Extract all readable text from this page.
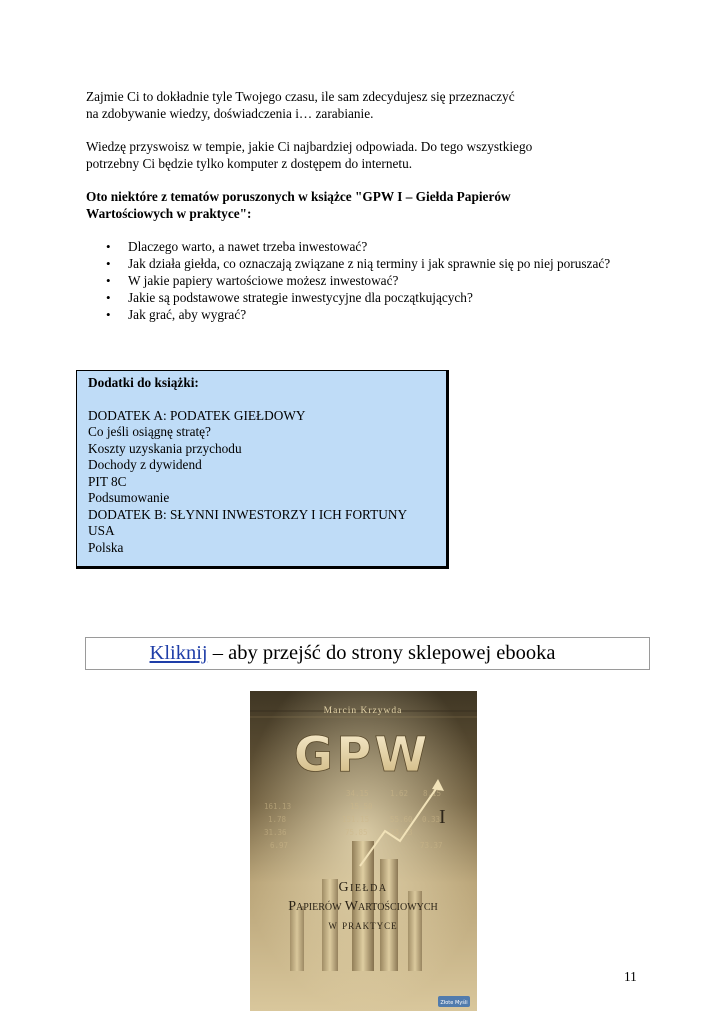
Zajmie Ci to dokładnie tyle Twojego czasu, ile sam zdecydujesz się przeznaczyć
na zdobywanie wiedzy, doświadczenia i… zarabianie.

Wiedzę przyswoisz w tempie, jakie Ci najbardziej odpowiada. Do tego wszystkiego
potrzebny Ci będzie tylko komputer z dostępem do internetu.

Oto niektóre z tematów poruszonych w książce "GPW I – Giełda Papierów
Wartościowych w praktyce":

• Dlaczego warto, a nawet trzeba inwestować?
• Jak działa giełda, co oznaczają związane z nią terminy i jak sprawnie się po niej poruszać?
• W jakie papiery wartościowe możesz inwestować?
• Jakie są podstawowe strategie inwestycyjne dla początkujących?
• Jak grać, aby wygrać?
Dodatki do książki:
DODATEK A: PODATEK GIEŁDOWY
Co jeśli osiągnę stratę?
Koszty uzyskania przychodu
Dochody z dywidend
PIT 8C
Podsumowanie
DODATEK B: SŁYNNI INWESTORZY I ICH FORTUNY
USA
Polska
Kliknij – aby przejść do strony sklepowej ebooka
Marcin Krzywda
34.15	1.62 8.15
15.50
151.15	55.60 0.33
75.85	23.23
161.13
1.78
31.36
6.97	73.37
GPW
I
Giełda
Papierów Wartościowych
w praktyce
Złote Myśli
11
